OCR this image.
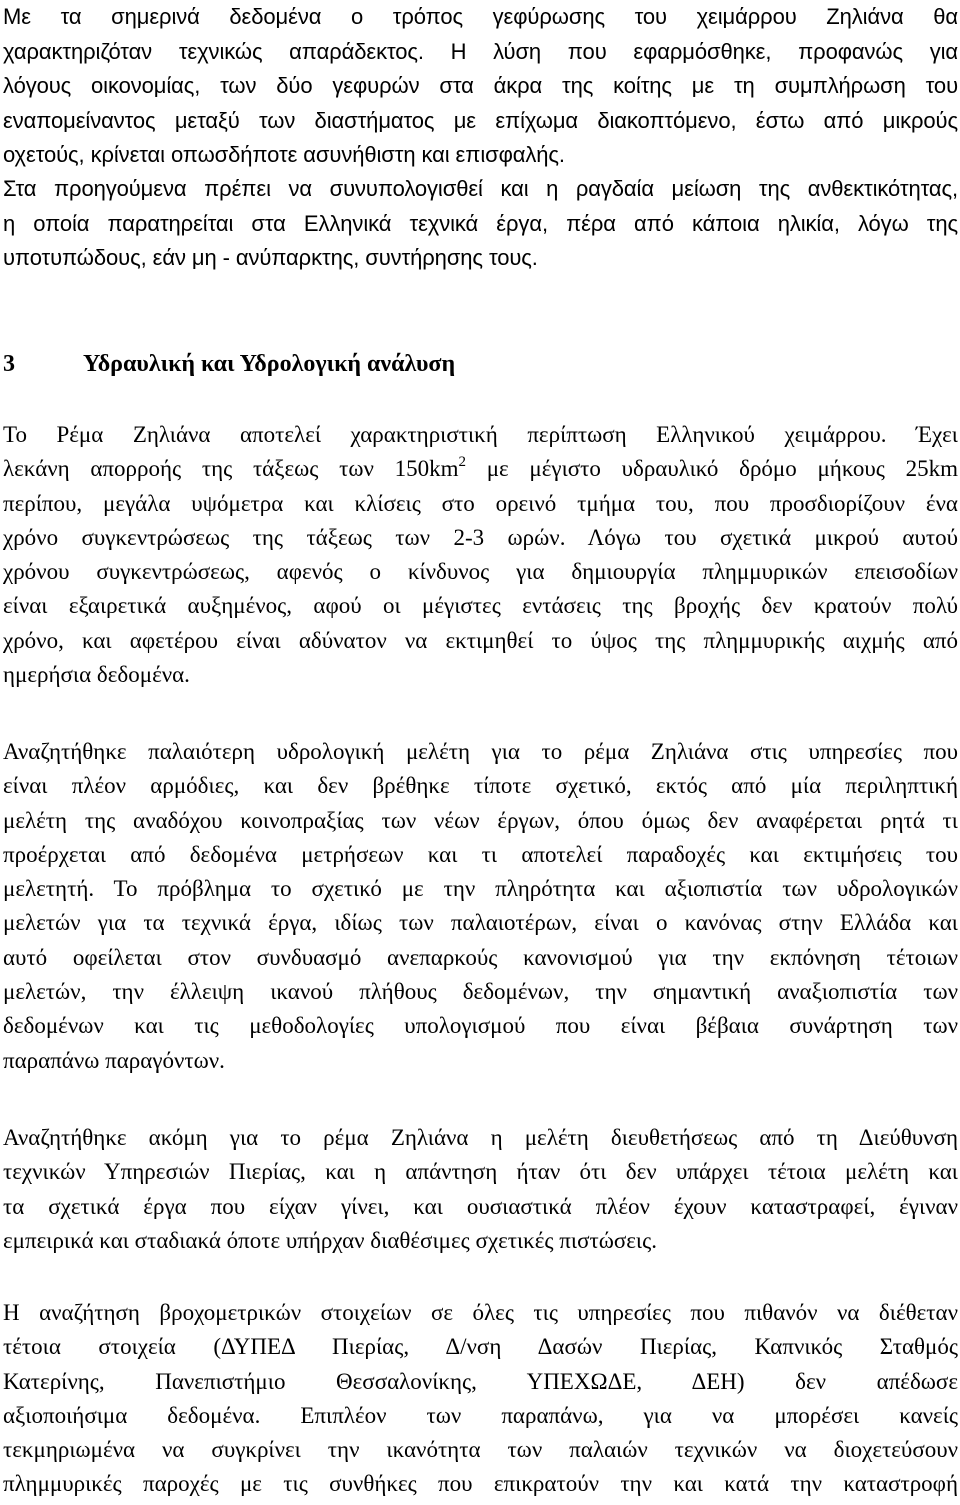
Με τα σημερινά δεδομένα ο τρόπος γεφύρωσης του χειμάρρου Ζηλιάνα θα
χαρακτηριζόταν τεχνικώς απαράδεκτος. Η λύση που εφαρμόσθηκε, προφανώς για
λόγους οικονομίας, των δύο γεφυρών στα άκρα της κοίτης με τη συμπλήρωση του
εναπομείναντος μεταξύ των διαστήματος με επίχωμα διακοπτόμενο, έστω από μικρούς
οχετούς, κρίνεται οπωσδήποτε ασυνήθιστη και επισφαλής.
Στα προηγούμενα πρέπει να συνυπολογισθεί και η ραγδαία μείωση της ανθεκτικότητας,
η οποία παρατηρείται στα Ελληνικά τεχνικά έργα, πέρα από κάποια ηλικία, λόγω της
υποτυπώδους, εάν μη - ανύπαρκτης, συντήρησης τους.
3	Υδραυλική και Υδρολογική ανάλυση
Το Ρέμα Ζηλιάνα αποτελεί χαρακτηριστική περίπτωση Ελληνικού χειμάρρου. Έχει
λεκάνη απορροής της τάξεως των $150km^2$ με μέγιστο υδραυλικό δρόμο μήκους 25km
περίπου, μεγάλα υψόμετρα και κλίσεις στο ορεινό τμήμα του, που προσδιορίζουν ένα
χρόνο συγκεντρώσεως της τάξεως των 2-3 ωρών. Λόγω του σχετικά μικρού αυτού
χρόνου συγκεντρώσεως, αφενός ο κίνδυνος για δημιουργία πλημμυρικών επεισοδίων
είναι εξαιρετικά αυξημένος, αφού οι μέγιστες εντάσεις της βροχής δεν κρατούν πολύ
χρόνο, και αφετέρου είναι αδύνατον να εκτιμηθεί το ύψος της πλημμυρικής αιχμής από
ημερήσια δεδομένα.
Αναζητήθηκε παλαιότερη υδρολογική μελέτη για το ρέμα Ζηλιάνα στις υπηρεσίες που
είναι πλέον αρμόδιες, και δεν βρέθηκε τίποτε σχετικό, εκτός από μία περιληπτική
μελέτη της αναδόχου κοινοπραξίας των νέων έργων, όπου όμως δεν αναφέρεται ρητά τι
προέρχεται από δεδομένα μετρήσεων και τι αποτελεί παραδοχές και εκτιμήσεις του
μελετητή. Το πρόβλημα το σχετικό με την πληρότητα και αξιοπιστία των υδρολογικών
μελετών για τα τεχνικά έργα, ιδίως των παλαιοτέρων, είναι ο κανόνας στην Ελλάδα και
αυτό οφείλεται στον συνδυασμό ανεπαρκούς κανονισμού για την εκπόνηση τέτοιων
μελετών, την έλλειψη ικανού πλήθους δεδομένων, την σημαντική αναξιοπιστία των
δεδομένων και τις μεθοδολογίες υπολογισμού που είναι βέβαια συνάρτηση των
παραπάνω παραγόντων.
Αναζητήθηκε ακόμη για το ρέμα Ζηλιάνα η μελέτη διευθετήσεως από τη Διεύθυνση
τεχνικών Υπηρεσιών Πιερίας, και η απάντηση ήταν ότι δεν υπάρχει τέτοια μελέτη και
τα σχετικά έργα που είχαν γίνει, και ουσιαστικά πλέον έχουν καταστραφεί, έγιναν
εμπειρικά και σταδιακά όποτε υπήρχαν διαθέσιμες σχετικές πιστώσεις.
Η αναζήτηση βροχομετρικών στοιχείων σε όλες τις υπηρεσίες που πιθανόν να διέθεταν
τέτοια στοιχεία (ΔΥΠΕΔ Πιερίας, Δ/νση Δασών Πιερίας, Καπνικός Σταθμός
Κατερίνης, Πανεπιστήμιο Θεσσαλονίκης, ΥΠΕΧΩΔΕ, ΔΕΗ) δεν απέδωσε
αξιοποιήσιμα δεδομένα. Επιπλέον των παραπάνω, για να μπορέσει κανείς
τεκμηριωμένα να συγκρίνει την ικανότητα των παλαιών τεχνικών να διοχετεύσουν
πλημμυρικές παροχές με τις συνθήκες που επικρατούν την και κατά την καταστροφή
